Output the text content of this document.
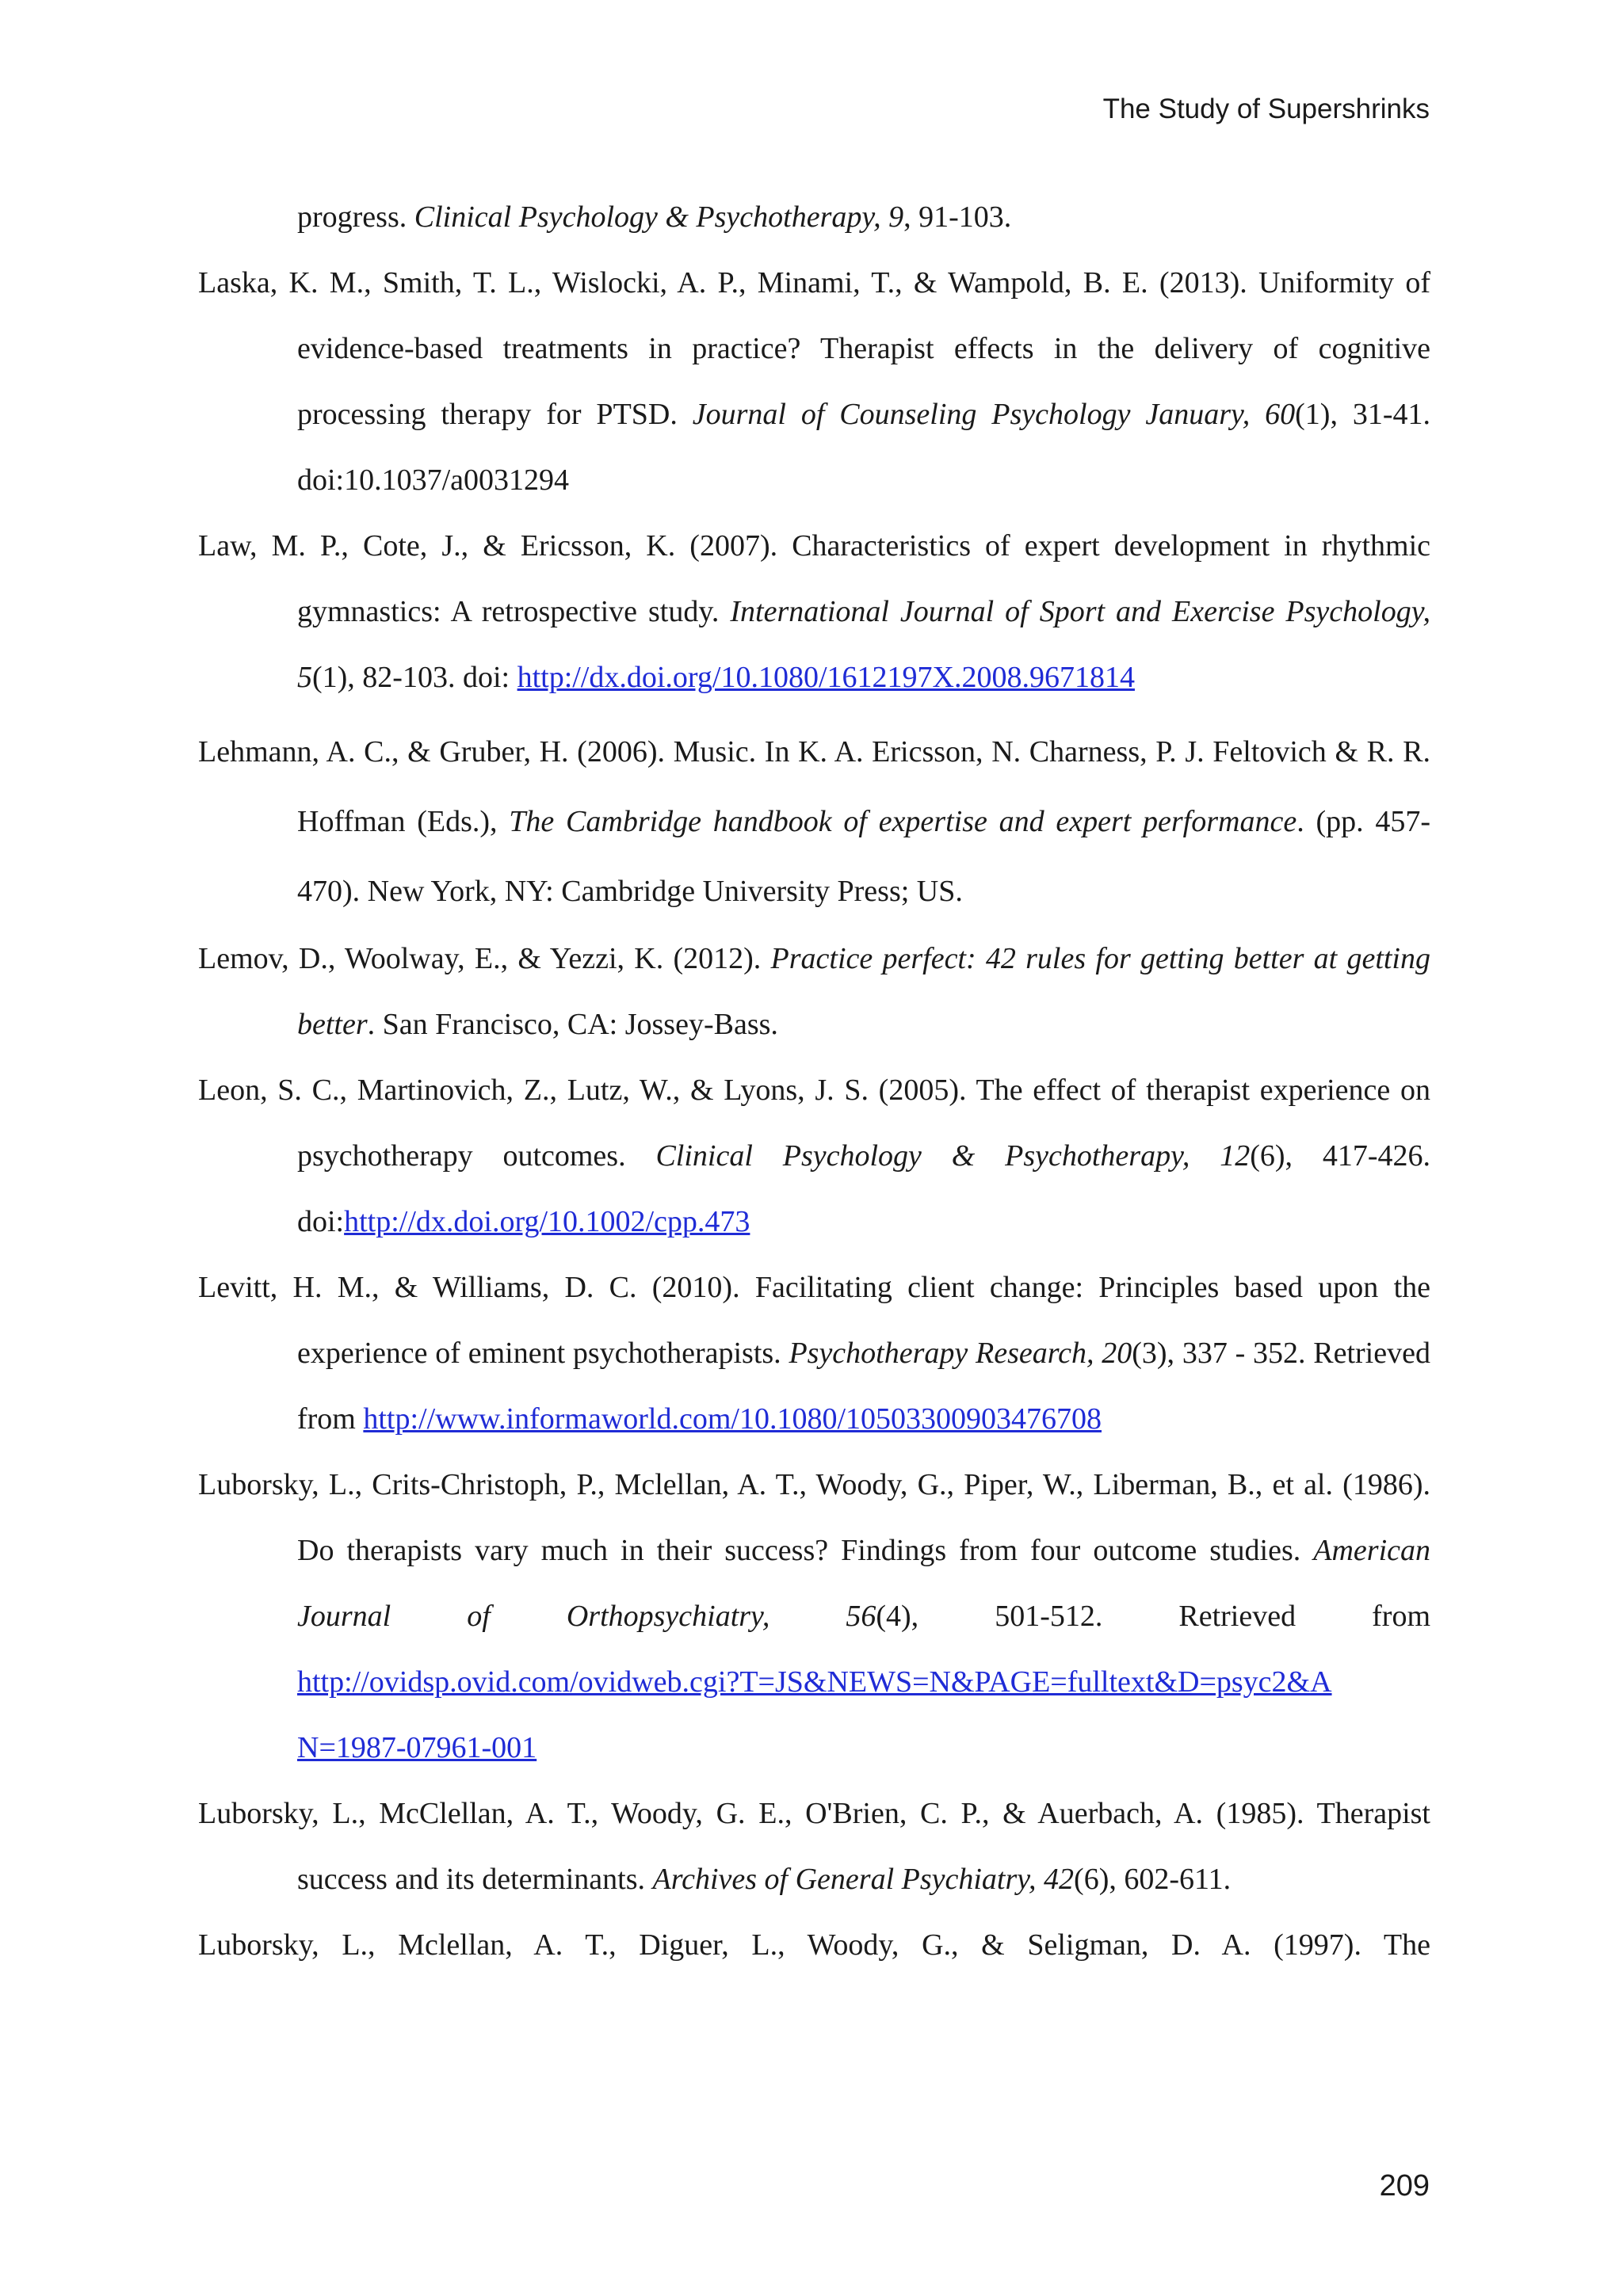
The Study of Supershrinks

progress. Clinical Psychology & Psychotherapy, 9, 91-103.

Laska, K. M., Smith, T. L., Wislocki, A. P., Minami, T., & Wampold, B. E. (2013). Uniformity of evidence-based treatments in practice? Therapist effects in the delivery of cognitive processing therapy for PTSD. Journal of Counseling Psychology January, 60(1), 31-41. doi:10.1037/a0031294

Law, M. P., Cote, J., & Ericsson, K. (2007). Characteristics of expert development in rhythmic gymnastics: A retrospective study. International Journal of Sport and Exercise Psychology, 5(1), 82-103. doi: http://dx.doi.org/10.1080/1612197X.2008.9671814

Lehmann, A. C., & Gruber, H. (2006). Music. In K. A. Ericsson, N. Charness, P. J. Feltovich & R. R. Hoffman (Eds.), The Cambridge handbook of expertise and expert performance. (pp. 457-470). New York, NY: Cambridge University Press; US.

Lemov, D., Woolway, E., & Yezzi, K. (2012). Practice perfect: 42 rules for getting better at getting better. San Francisco, CA: Jossey-Bass.

Leon, S. C., Martinovich, Z., Lutz, W., & Lyons, J. S. (2005). The effect of therapist experience on psychotherapy outcomes. Clinical Psychology & Psychotherapy, 12(6), 417-426. doi:http://dx.doi.org/10.1002/cpp.473

Levitt, H. M., & Williams, D. C. (2010). Facilitating client change: Principles based upon the experience of eminent psychotherapists. Psychotherapy Research, 20(3), 337 - 352. Retrieved from http://www.informaworld.com/10.1080/10503300903476708

Luborsky, L., Crits-Christoph, P., Mclellan, A. T., Woody, G., Piper, W., Liberman, B., et al. (1986). Do therapists vary much in their success? Findings from four outcome studies. American Journal of Orthopsychiatry, 56(4), 501-512. Retrieved from http://ovidsp.ovid.com/ovidweb.cgi?T=JS&NEWS=N&PAGE=fulltext&D=psyc2&A
N=1987-07961-001

Luborsky, L., McClellan, A. T., Woody, G. E., O'Brien, C. P., & Auerbach, A. (1985). Therapist success and its determinants. Archives of General Psychiatry, 42(6), 602-611.

Luborsky, L., Mclellan, A. T., Diguer, L., Woody, G., & Seligman, D. A. (1997). The

209
